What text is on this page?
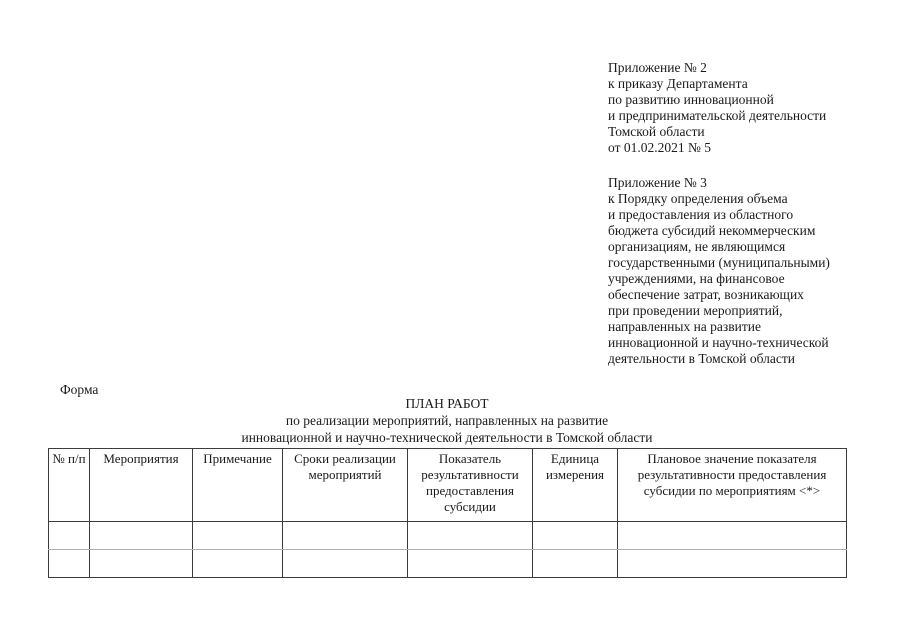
Приложение № 2
к приказу Департамента
по развитию инновационной
и предпринимательской деятельности
Томской области
от 01.02.2021 № 5
Приложение № 3
к Порядку определения объема
и предоставления из областного
бюджета субсидий некоммерческим
организациям, не являющимся
государственными (муниципальными)
учреждениями, на финансовое
обеспечение затрат, возникающих
при проведении мероприятий,
направленных на развитие
инновационной и научно-технической
деятельности в Томской области
Форма
ПЛАН РАБОТ
по реализации мероприятий, направленных на развитие
инновационной и научно-технической деятельности в Томской области
№ п/п	Мероприятия	Примечание	Сроки реализации мероприятий	Показатель результативности предоставления субсидии	Единица измерения	Плановое значение показателя результативности предоставления субсидии по мероприятиям <*>
